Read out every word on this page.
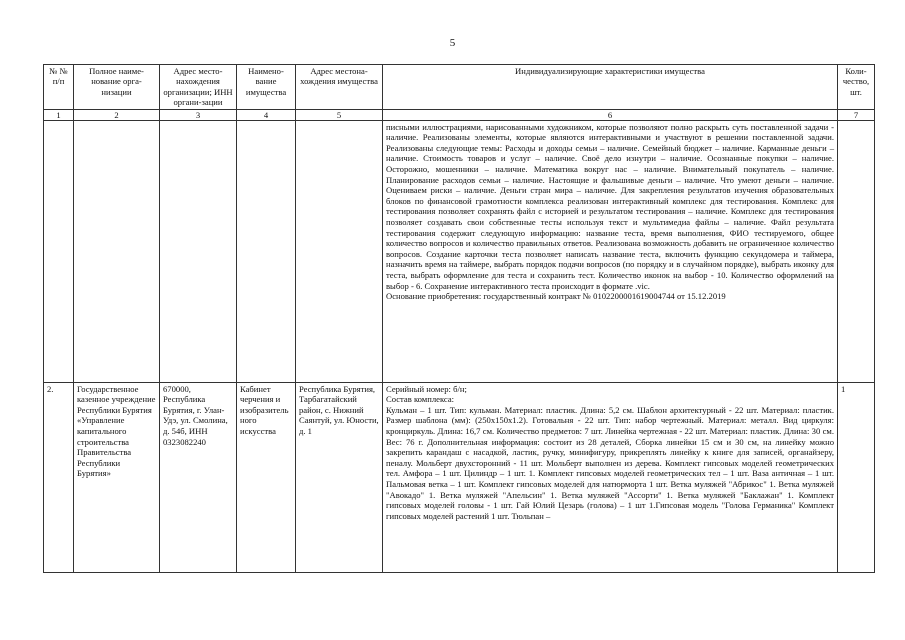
5
№ № п/п	Полное наиме-нование орга-низации	Адрес место-нахождения организации; ИНН органи-зации	Наимено-вание имущества	Адрес местона-хождения имущества	Индивидуализирующие характеристики имущества	Коли-чество, шт.
1	2	3	4	5	6	7

					писными иллюстрациями, нарисованными художником, которые позволяют полно раскрыть суть поставленной задачи - наличие. Реализованы элементы, которые являются интерактивными и участвуют в решении поставленной задачи. Реализованы следующие темы: Расходы и доходы семьи – наличие. Семейный бюджет – наличие. Карманные деньги – наличие. Стоимость товаров и услуг – наличие. Своё дело изнутри – наличие. Осознанные покупки – наличие. Осторожно, мошенники – наличие. Математика вокруг нас – наличие. Внимательный покупатель – наличие. Планирование расходов семьи – наличие. Настоящие и фальшивые деньги – наличие. Что умеют деньги – наличие. Оцениваем риски – наличие. Деньги стран мира – наличие. Для закрепления результатов изучения образовательных блоков по финансовой грамотности комплекса реализован интерактивный комплекс для тестирования. Комплекс для тестирования позволяет сохранять файл с историей и результатом тестирования – наличие. Комплекс для тестирования позволяет создавать свои собственные тесты используя текст и мультимедиа файлы – наличие. Файл результата тестирования содержит следующую информацию: название теста, время выполнения, ФИО тестируемого, общее количество вопросов и количество правильных ответов. Реализована возможность добавить не ограниченное количество вопросов. Создание карточки теста позволяет написать название теста, включить функцию секундомера и таймера, назначить время на таймере, выбрать порядок подачи вопросов (по порядку и в случайном порядке), выбрать иконку для теста, выбрать оформление для теста и сохранить тест. Количество иконок на выбор - 10. Количество оформлений на выбор - 6. Сохранение интерактивного теста происходит в формате .vic.

Основание приобретения: государственный контракт № 0102200001619004744 от 15.12.2019	

2.	Государственное казенное учреждение Республики Бурятия «Управление капитального строительства Правительства Республики Бурятия»	670000, Республика Бурятия, г. Улан-Удэ, ул. Смолина, д. 54б, ИНН 0323082240	Кабинет черчения и изобразительного искусства	Республика Бурятия, Тарбагатайский район, с. Нижний Саянтуй, ул. Юности, д. 1	Серийный номер: б/н;

Состав комплекса:

Кульман – 1 шт. Тип: кульман. Материал: пластик. Длина: 5,2 см. Шаблон архитектурный - 22 шт. Материал: пластик. Размер шаблона (мм): (250х150х1.2). Готовальня - 22 шт. Тип: набор чертежный. Материал: металл. Вид циркуля: кронциркуль. Длина: 16,7 см. Количество предметов: 7 шт. Линейка чертежная - 22 шт. Материал: пластик. Длина: 30 см. Вес: 76 г. Дополнительная информация: состоит из 28 деталей, Сборка линейки 15 см и 30 см, на линейку можно закрепить карандаш с насадкой, ластик, ручку, минифигуру, прикреплять линейку к книге для записей, органайзеру, пеналу. Мольберт двухсторонний - 11 шт. Мольберт выполнен из дерева. Комплект гипсовых моделей геометрических тел. Амфора – 1 шт. Цилиндр – 1 шт. 1. Комплект гипсовых моделей геометрических тел – 1 шт. Ваза античная – 1 шт. Пальмовая ветка – 1 шт. Комплект гипсовых моделей для натюрморта 1 шт. Ветка муляжей "Абрикос" 1. Ветка муляжей "Авокадо" 1. Ветка муляжей "Апельсин" 1. Ветка муляжей "Ассорти" 1. Ветка муляжей "Баклажан" 1. Комплект гипсовых моделей головы - 1 шт. Гай Юлий Цезарь (голова) – 1 шт 1.Гипсовая модель "Голова Германика" Комплект гипсовых моделей растений 1 шт. Тюльпан –	1
